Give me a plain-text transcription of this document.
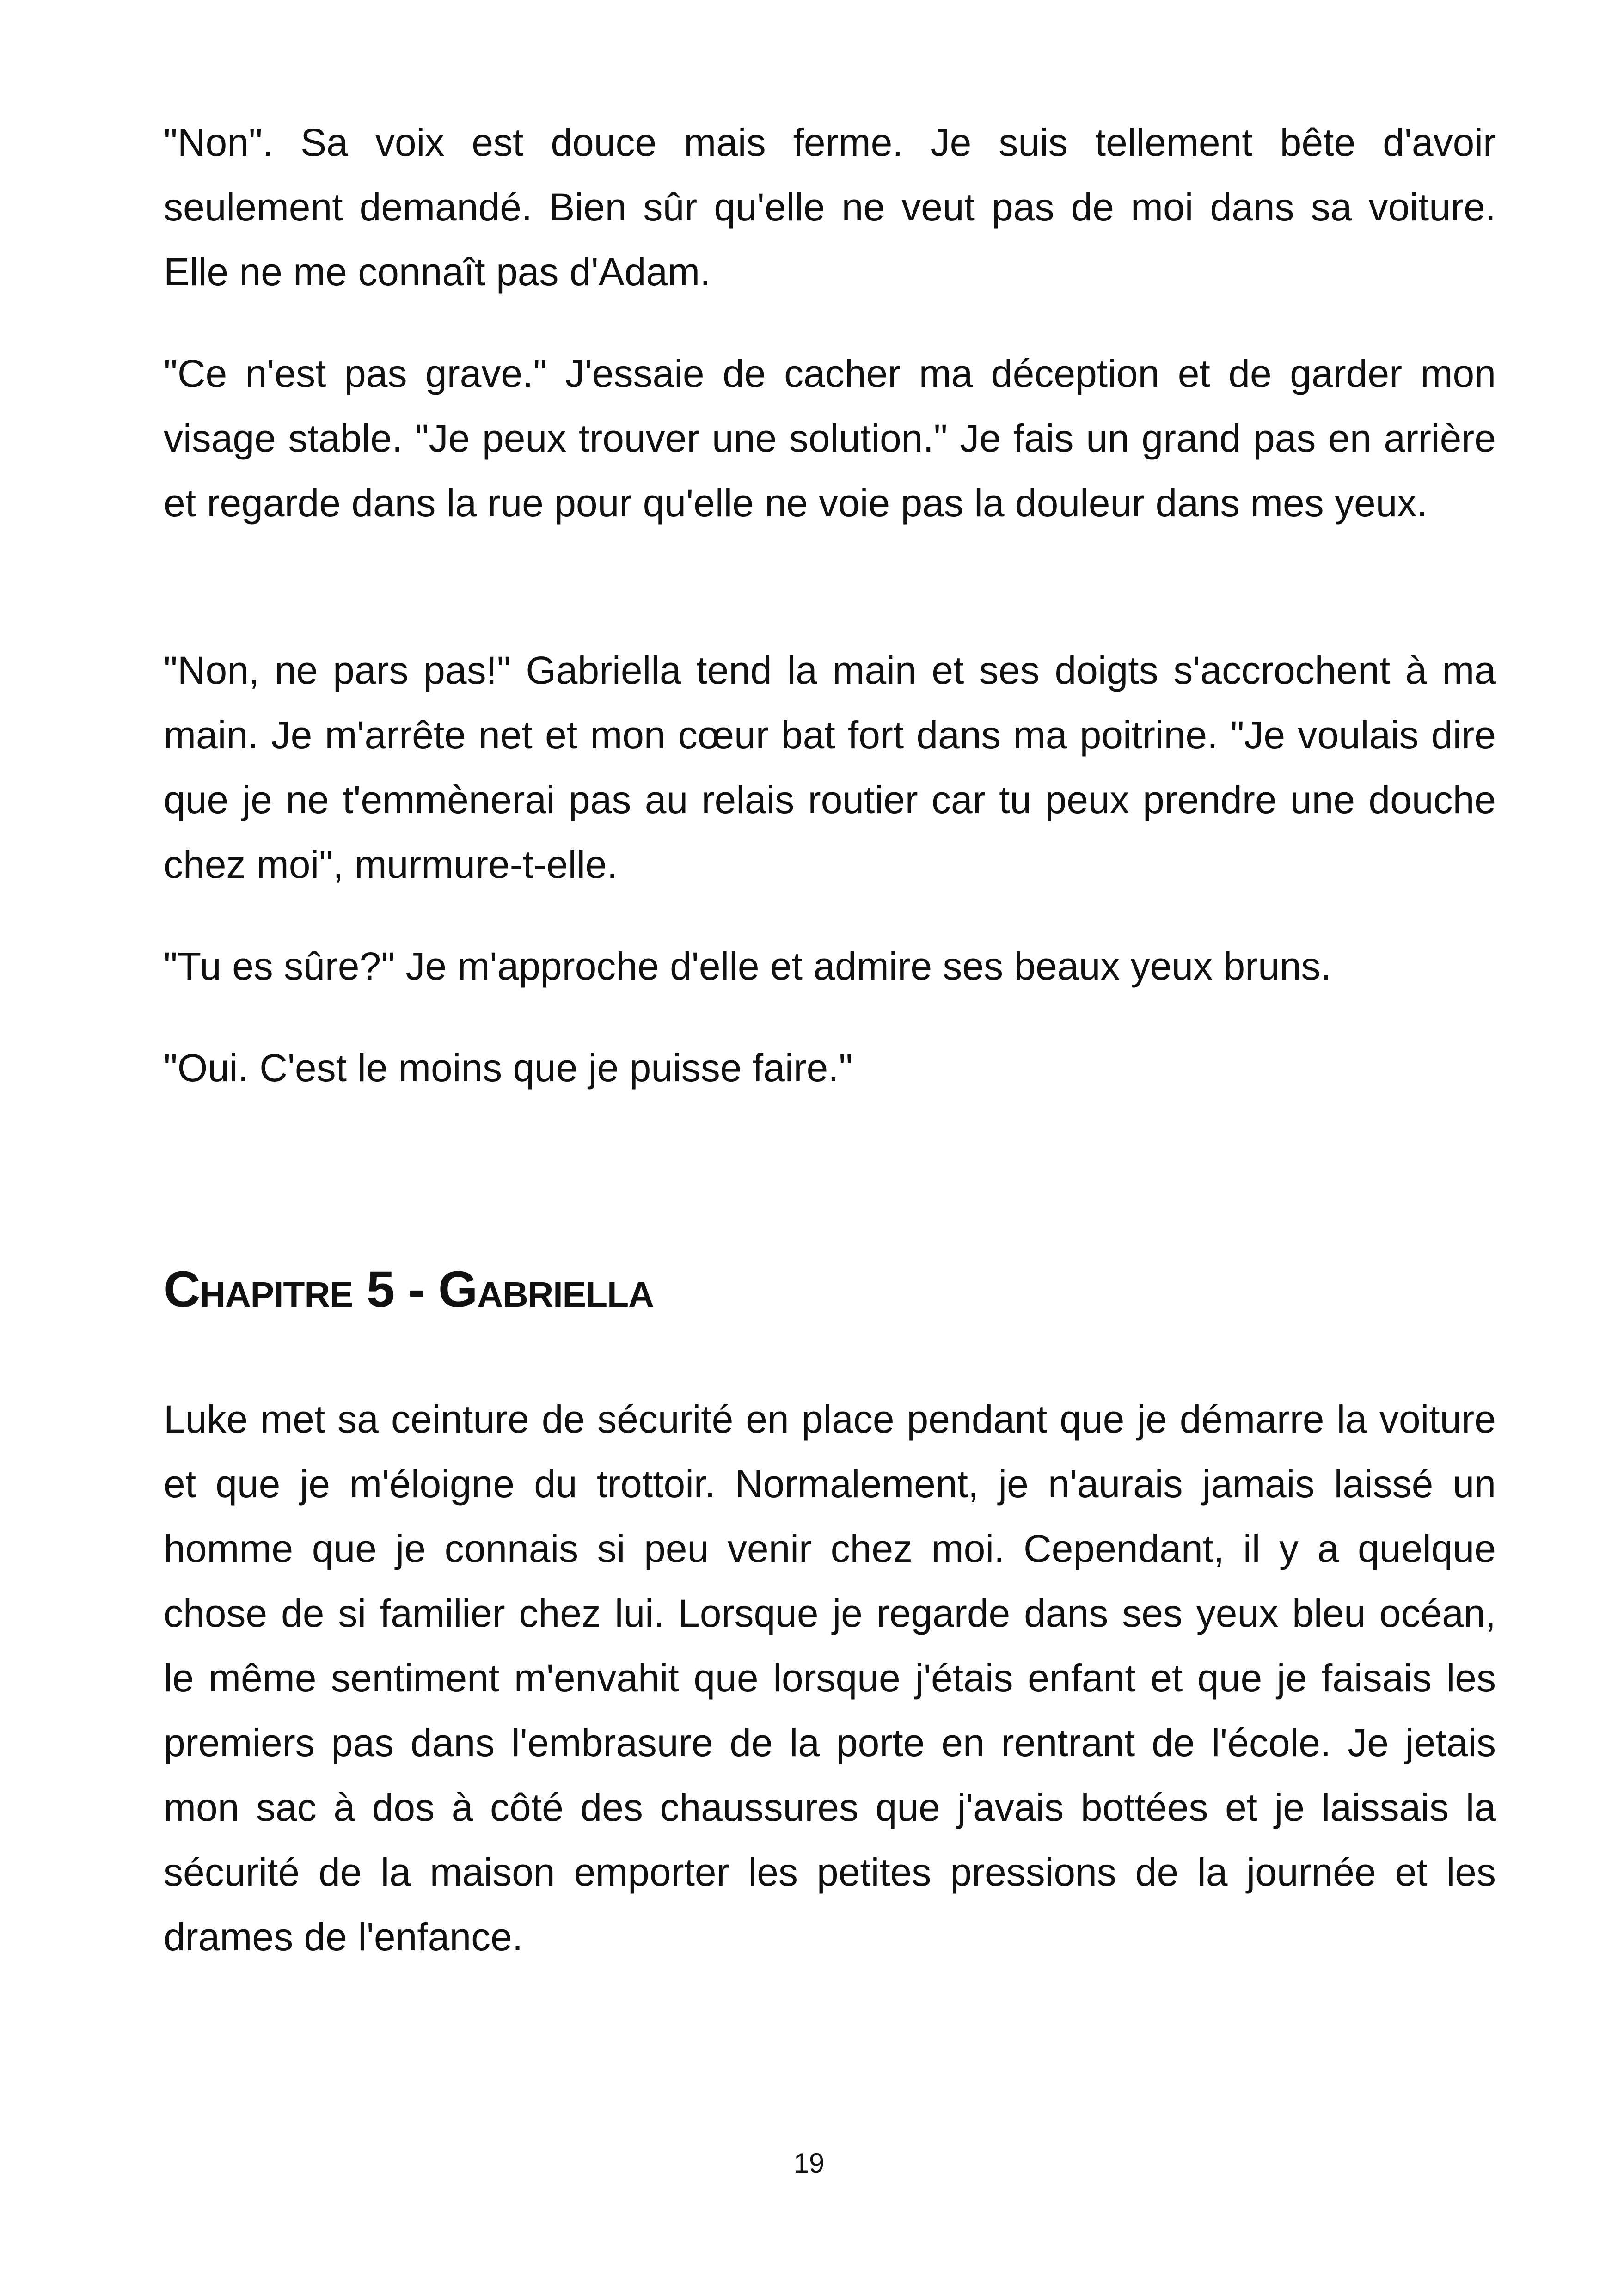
"Non". Sa voix est douce mais ferme. Je suis tellement bête d'avoir seulement demandé. Bien sûr qu'elle ne veut pas de moi dans sa voiture. Elle ne me connaît pas d'Adam.

"Ce n'est pas grave." J'essaie de cacher ma déception et de garder mon visage stable. "Je peux trouver une solution." Je fais un grand pas en arrière et regarde dans la rue pour qu'elle ne voie pas la douleur dans mes yeux.

"Non, ne pars pas!" Gabriella tend la main et ses doigts s'accrochent à ma main. Je m'arrête net et mon cœur bat fort dans ma poitrine. "Je voulais dire que je ne t'emmènerai pas au relais routier car tu peux prendre une douche chez moi", murmure-t-elle.

"Tu es sûre?" Je m'approche d'elle et admire ses beaux yeux bruns.

"Oui. C'est le moins que je puisse faire."

Chapitre 5 - Gabriella

Luke met sa ceinture de sécurité en place pendant que je démarre la voiture et que je m'éloigne du trottoir. Normalement, je n'aurais jamais laissé un homme que je connais si peu venir chez moi. Cependant, il y a quelque chose de si familier chez lui. Lorsque je regarde dans ses yeux bleu océan, le même sentiment m'envahit que lorsque j'étais enfant et que je faisais les premiers pas dans l'embrasure de la porte en rentrant de l'école. Je jetais mon sac à dos à côté des chaussures que j'avais bottées et je laissais la sécurité de la maison emporter les petites pressions de la journée et les drames de l'enfance.

19
